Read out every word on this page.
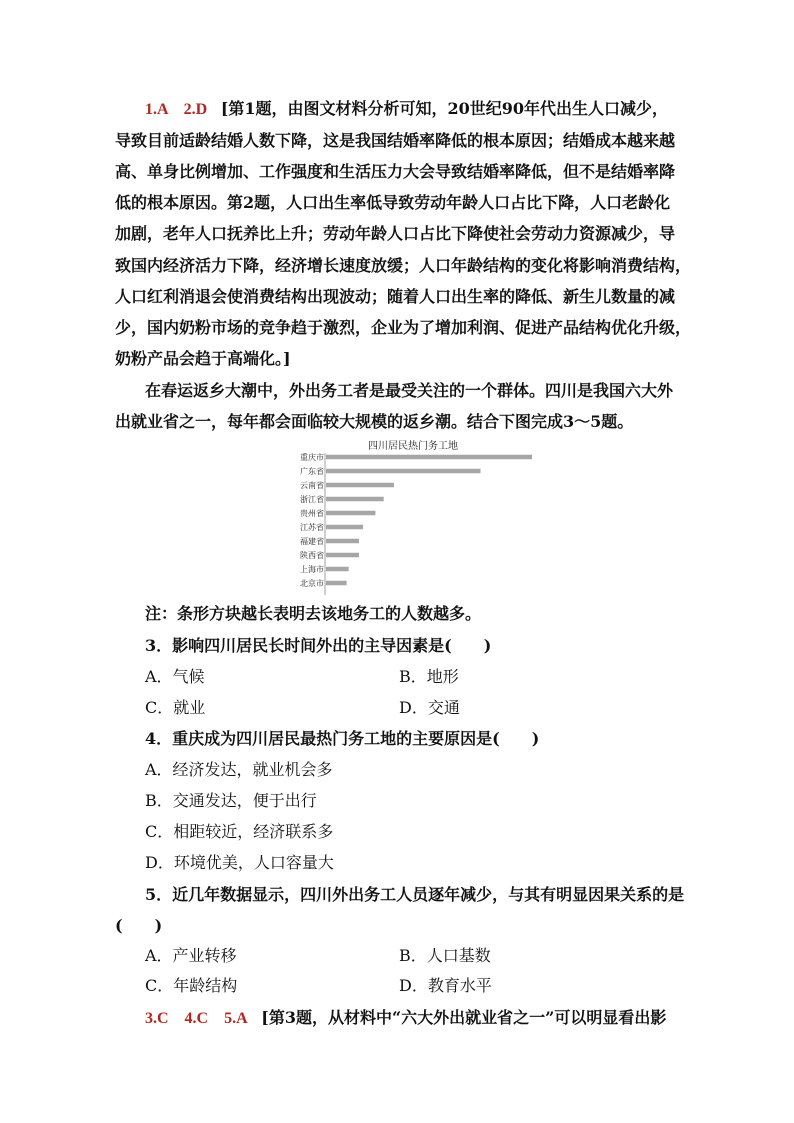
1.A　2.D [第1题，由图文材料分析可知，20世纪90年代出生人口减少，
导致目前适龄结婚人数下降，这是我国结婚率降低的根本原因；结婚成本越来越
高、单身比例增加、工作强度和生活压力大会导致结婚率降低，但不是结婚率降
低的根本原因。第2题，人口出生率低导致劳动年龄人口占比下降，人口老龄化
加剧，老年人口抚养比上升；劳动年龄人口占比下降使社会劳动力资源减少，导
致国内经济活力下降，经济增长速度放缓；人口年龄结构的变化将影响消费结构，
人口红利消退会使消费结构出现波动；随着人口出生率的降低、新生儿数量的减
少，国内奶粉市场的竞争趋于激烈，企业为了增加利润、促进产品结构优化升级，
奶粉产品会趋于高端化。]
在春运返乡大潮中，外出务工者是最受关注的一个群体。四川是我国六大外
出就业省之一，每年都会面临较大规模的返乡潮。结合下图完成3～5题。
四川居民热门务工地
重庆市
广东省
云南省
浙江省
贵州省
江苏省
福建省
陕西省
上海市
北京市
注：条形方块越长表明去该地务工的人数越多。
3．影响四川居民长时间外出的主导因素是(　　)
A．气候	B．地形
C．就业	D．交通
4．重庆成为四川居民最热门务工地的主要原因是(　　)
A．经济发达，就业机会多
B．交通发达，便于出行
C．相距较近，经济联系多
D．环境优美，人口容量大
5．近几年数据显示，四川外出务工人员逐年减少，与其有明显因果关系的是
(　　)
A．产业转移	B．人口基数
C．年龄结构	D．教育水平
3.C　4.C　5.A [第3题，从材料中“六大外出就业省之一”可以明显看出影
